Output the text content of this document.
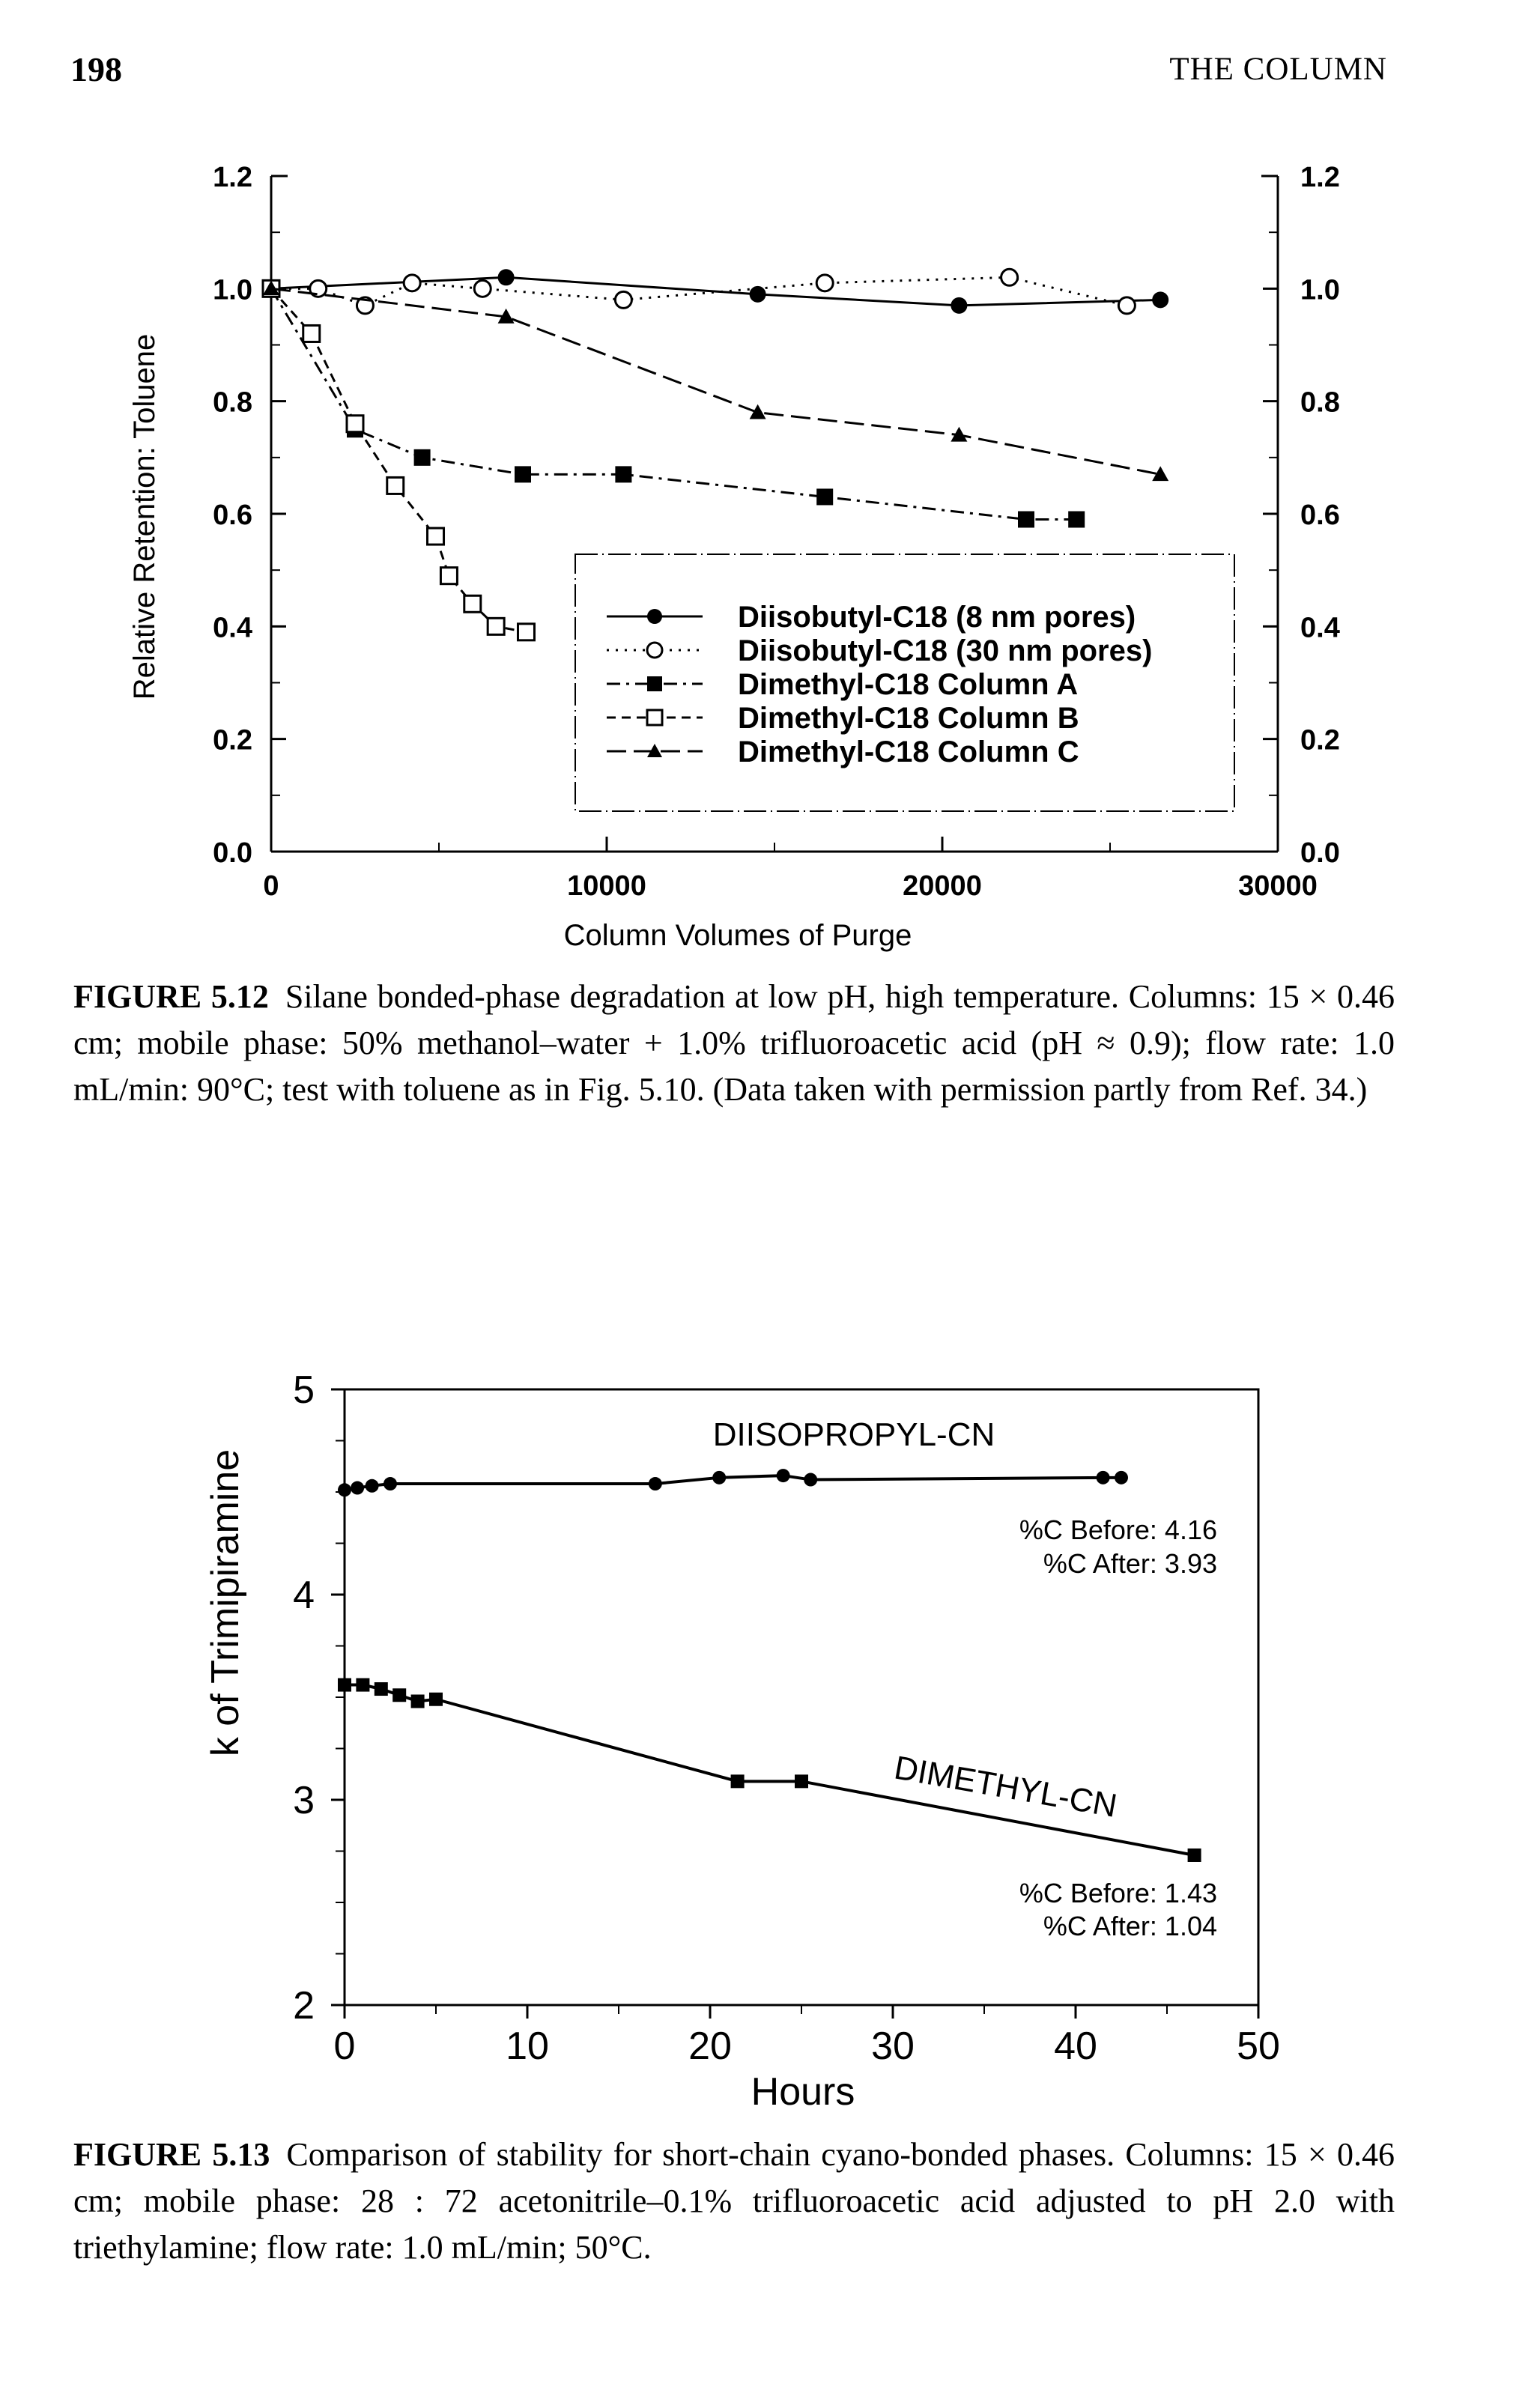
198	THE COLUMN
0.0	0.0
0.2	0.2
0.4	0.4
0.6	0.6
0.8	0.8
1.0	1.0
1.2	1.2
0	10000	20000	30000
Column Volumes of Purge
Relative Retention: Toluene	Diisobutyl-C18 (8 nm pores)
Diisobutyl-C18 (30 nm pores)
Dimethyl-C18 Column A
Dimethyl-C18 Column B
Dimethyl-C18 Column C
FIGURE 5.12 Silane bonded-phase degradation at low pH, high temperature. Columns: 15 × 0.46 cm; mobile phase: 50% methanol–water + 1.0% trifluoroacetic acid (pH ≈ 0.9); flow rate: 1.0 mL/min: 90°C; test with toluene as in Fig. 5.10. (Data taken with permission partly from Ref. 34.)
2
3
4
5
0	10	20	30	40	50
Hours
k of Trimipiramine
DIISOPROPYL-CN
%C Before: 4.16
%C After: 3.93
DIMETHYL-CN
%C Before: 1.43
%C After: 1.04
FIGURE 5.13 Comparison of stability for short-chain cyano-bonded phases. Columns: 15 × 0.46 cm; mobile phase: 28 : 72 acetonitrile–0.1% trifluoroacetic acid adjusted to pH 2.0 with triethylamine; flow rate: 1.0 mL/min; 50°C.
